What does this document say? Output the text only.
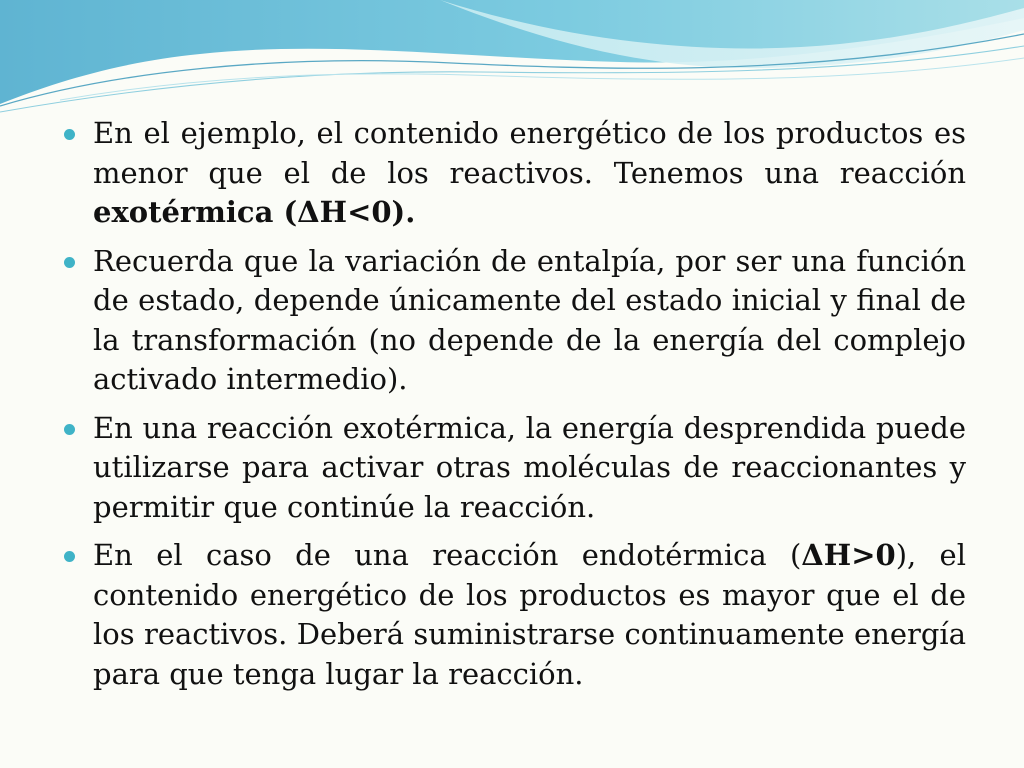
En el ejemplo, el contenido energético de los productos es menor que el de los reactivos. Tenemos una reacción exotérmica (ΔH<0).
Recuerda que la variación de entalpía, por ser una función de estado, depende únicamente del estado inicial y final de la transformación (no depende de la energía del complejo activado intermedio).
En una reacción exotérmica, la energía desprendida puede utilizarse para activar otras moléculas de reaccionantes y permitir que continúe la reacción.
En el caso de una reacción endotérmica (ΔH>0), el contenido energético de los productos es mayor que el de los reactivos. Deberá suministrarse continuamente energía para que tenga lugar la reacción.
